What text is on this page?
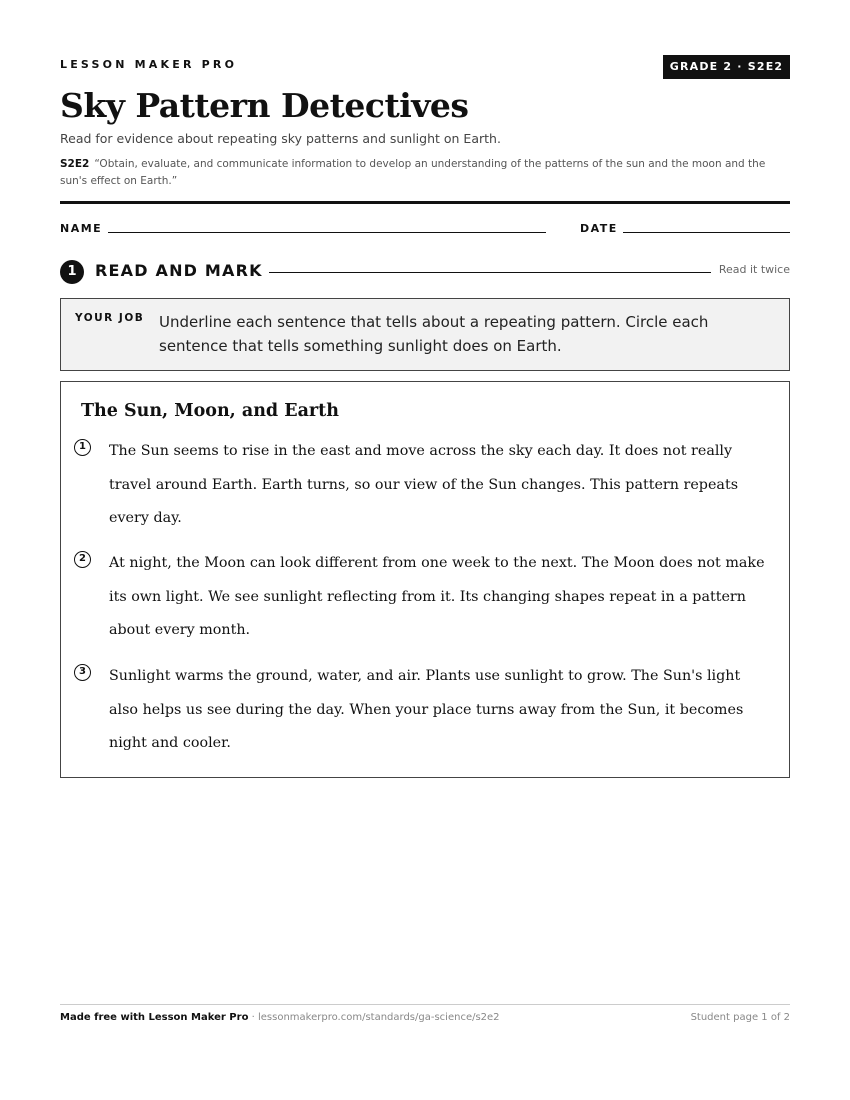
LESSON MAKER PRO	GRADE 2 · S2E2
Sky Pattern Detectives
Read for evidence about repeating sky patterns and sunlight on Earth.
S2E2 “Obtain, evaluate, and communicate information to develop an understanding of the patterns of the sun and the moon and the sun's effect on Earth.”
NAME	DATE
1	READ AND MARK	Read it twice
YOUR JOB Underline each sentence that tells about a repeating pattern. Circle each sentence that tells something sunlight does on Earth.
The Sun, Moon, and Earth
1	The Sun seems to rise in the east and move across the sky each day. It does not really travel around Earth. Earth turns, so our view of the Sun changes. This pattern repeats every day.
2	At night, the Moon can look different from one week to the next. The Moon does not make its own light. We see sunlight reflecting from it. Its changing shapes repeat in a pattern about every month.
3	Sunlight warms the ground, water, and air. Plants use sunlight to grow. The Sun's light also helps us see during the day. When your place turns away from the Sun, it becomes night and cooler.
Made free with Lesson Maker Pro · lessonmakerpro.com/standards/ga-science/s2e2	Student page 1 of 2
